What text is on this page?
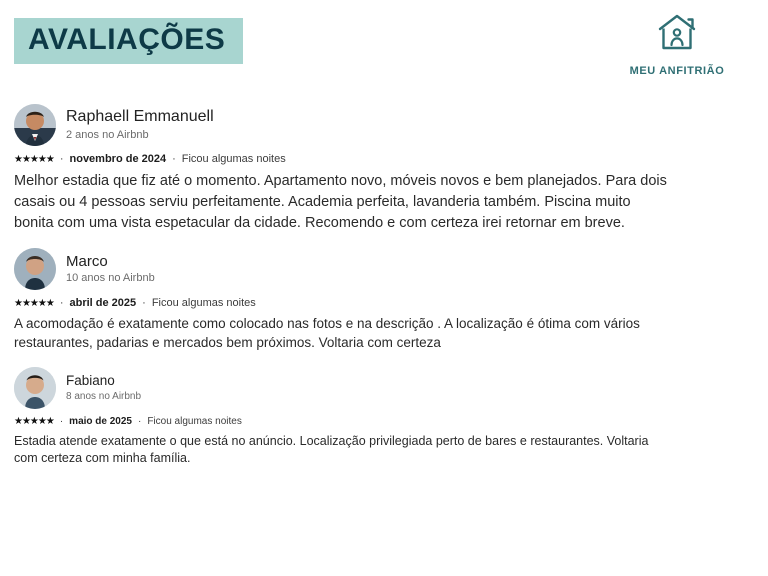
AVALIAÇÕES
MEU ANFITRIÃO
Raphaell Emmanuell
2 anos no Airbnb
★★★★★ · novembro de 2024 · Ficou algumas noites
Melhor estadia que fiz até o momento. Apartamento novo, móveis novos e bem planejados. Para dois casais ou 4 pessoas serviu perfeitamente. Academia perfeita, lavanderia também. Piscina muito bonita com uma vista espetacular da cidade. Recomendo e com certeza irei retornar em breve.
Marco
10 anos no Airbnb
★★★★★ · abril de 2025 · Ficou algumas noites
A acomodação é exatamente como colocado nas fotos e na descrição . A localização é ótima com vários restaurantes, padarias e mercados bem próximos. Voltaria com certeza
Fabiano
8 anos no Airbnb
★★★★★ · maio de 2025 · Ficou algumas noites
Estadia atende exatamente o que está no anúncio. Localização privilegiada perto de bares e restaurantes. Voltaria com certeza com minha família.
